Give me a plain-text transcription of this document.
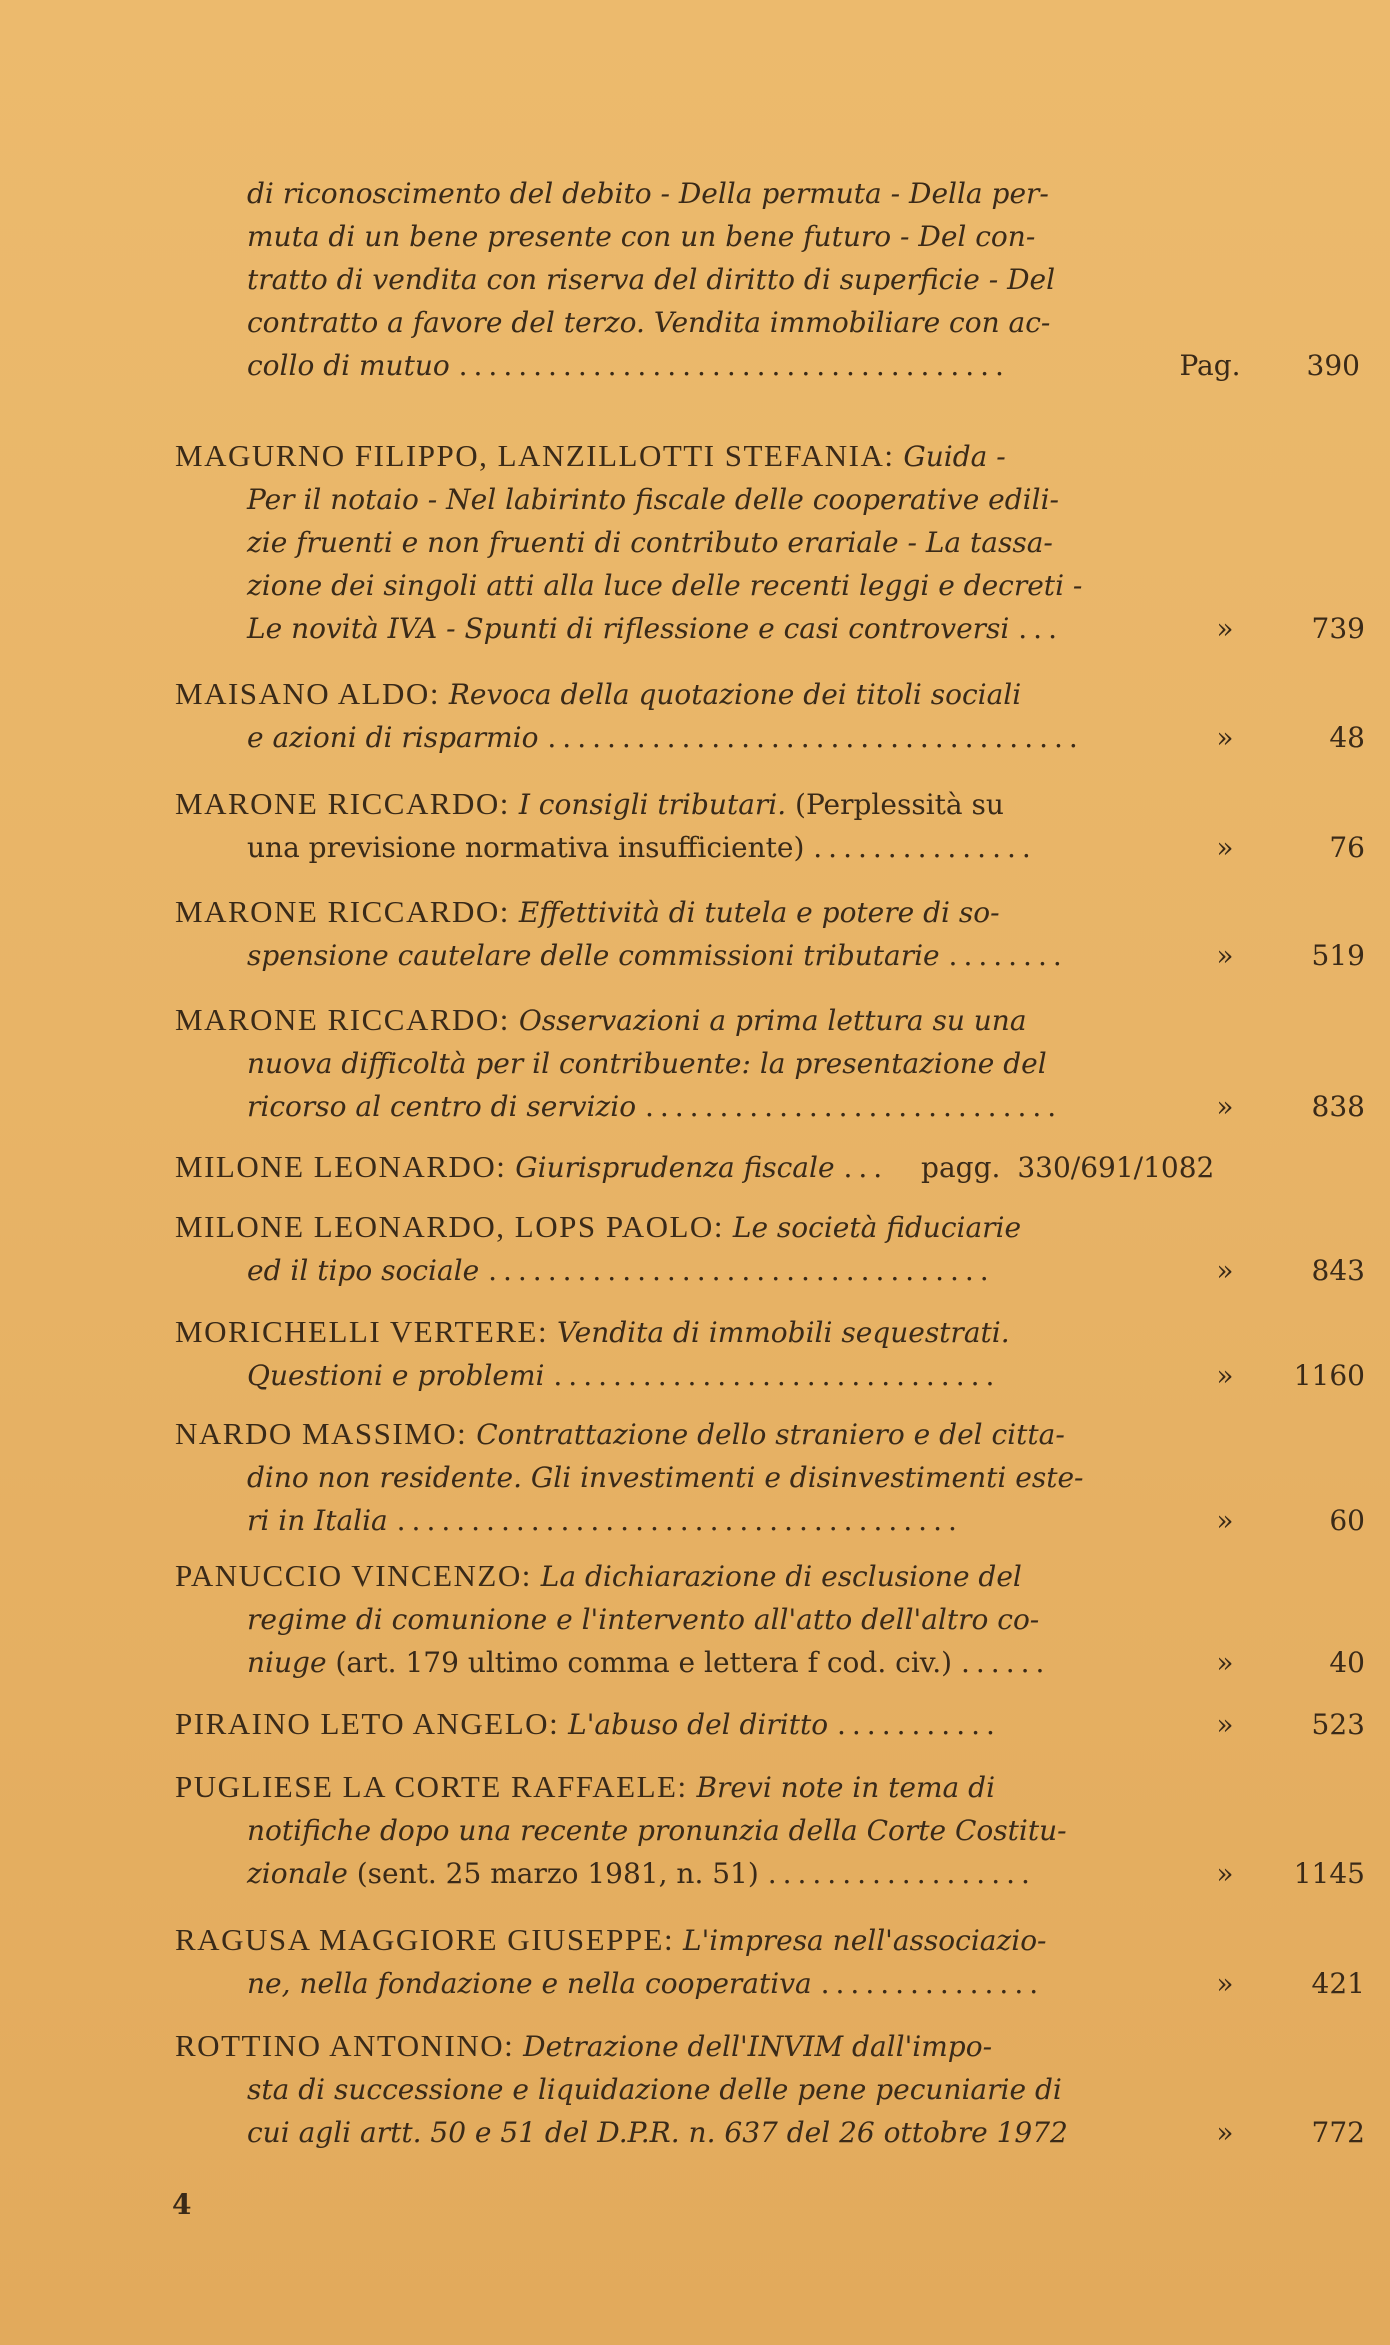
di riconoscimento del debito - Della permuta - Della per-
muta di un bene presente con un bene futuro - Del con-
tratto di vendita con riserva del diritto di superficie - Del
contratto a favore del terzo. Vendita immobiliare con ac-
collo di mutuo .....................................	Pag.	390
MAGURNO FILIPPO, LANZILLOTTI STEFANIA: Guida -
Per il notaio - Nel labirinto fiscale delle cooperative edili-
zie fruenti e non fruenti di contributo erariale - La tassa-
zione dei singoli atti alla luce delle recenti leggi e decreti -
Le novità IVA - Spunti di riflessione e casi controversi ...	»	739
MAISANO ALDO: Revoca della quotazione dei titoli sociali
e azioni di risparmio ....................................	»	48
MARONE RICCARDO: I consigli tributari. (Perplessità su
una previsione normativa insufficiente) ...............	»	76
MARONE RICCARDO: Effettività di tutela e potere di so-
spensione cautelare delle commissioni tributarie ........	»	519
MARONE RICCARDO: Osservazioni a prima lettura su una
nuova difficoltà per il contribuente: la presentazione del
ricorso al centro di servizio ............................	»	838
MILONE LEONARDO: Giurisprudenza fiscale ... pagg. 330/691/1082
MILONE LEONARDO, LOPS PAOLO: Le società fiduciarie
ed il tipo sociale ..................................	»	843
MORICHELLI VERTERE: Vendita di immobili sequestrati.
Questioni e problemi ..............................	»	1160
NARDO MASSIMO: Contrattazione dello straniero e del citta-
dino non residente. Gli investimenti e disinvestimenti este-
ri in Italia ......................................	»	60
PANUCCIO VINCENZO: La dichiarazione di esclusione del
regime di comunione e l'intervento all'atto dell'altro co-
niuge (art. 179 ultimo comma e lettera f cod. civ.) ......	»	40
PIRAINO LETO ANGELO: L'abuso del diritto ...........	»	523
PUGLIESE LA CORTE RAFFAELE: Brevi note in tema di
notifiche dopo una recente pronunzia della Corte Costitu-
zionale (sent. 25 marzo 1981, n. 51) ..................	»	1145
RAGUSA MAGGIORE GIUSEPPE: L'impresa nell'associazio-
ne, nella fondazione e nella cooperativa ...............	»	421
ROTTINO ANTONINO: Detrazione dell'INVIM dall'impo-
sta di successione e liquidazione delle pene pecuniarie di
cui agli artt. 50 e 51 del D.P.R. n. 637 del 26 ottobre 1972	»	772
4
